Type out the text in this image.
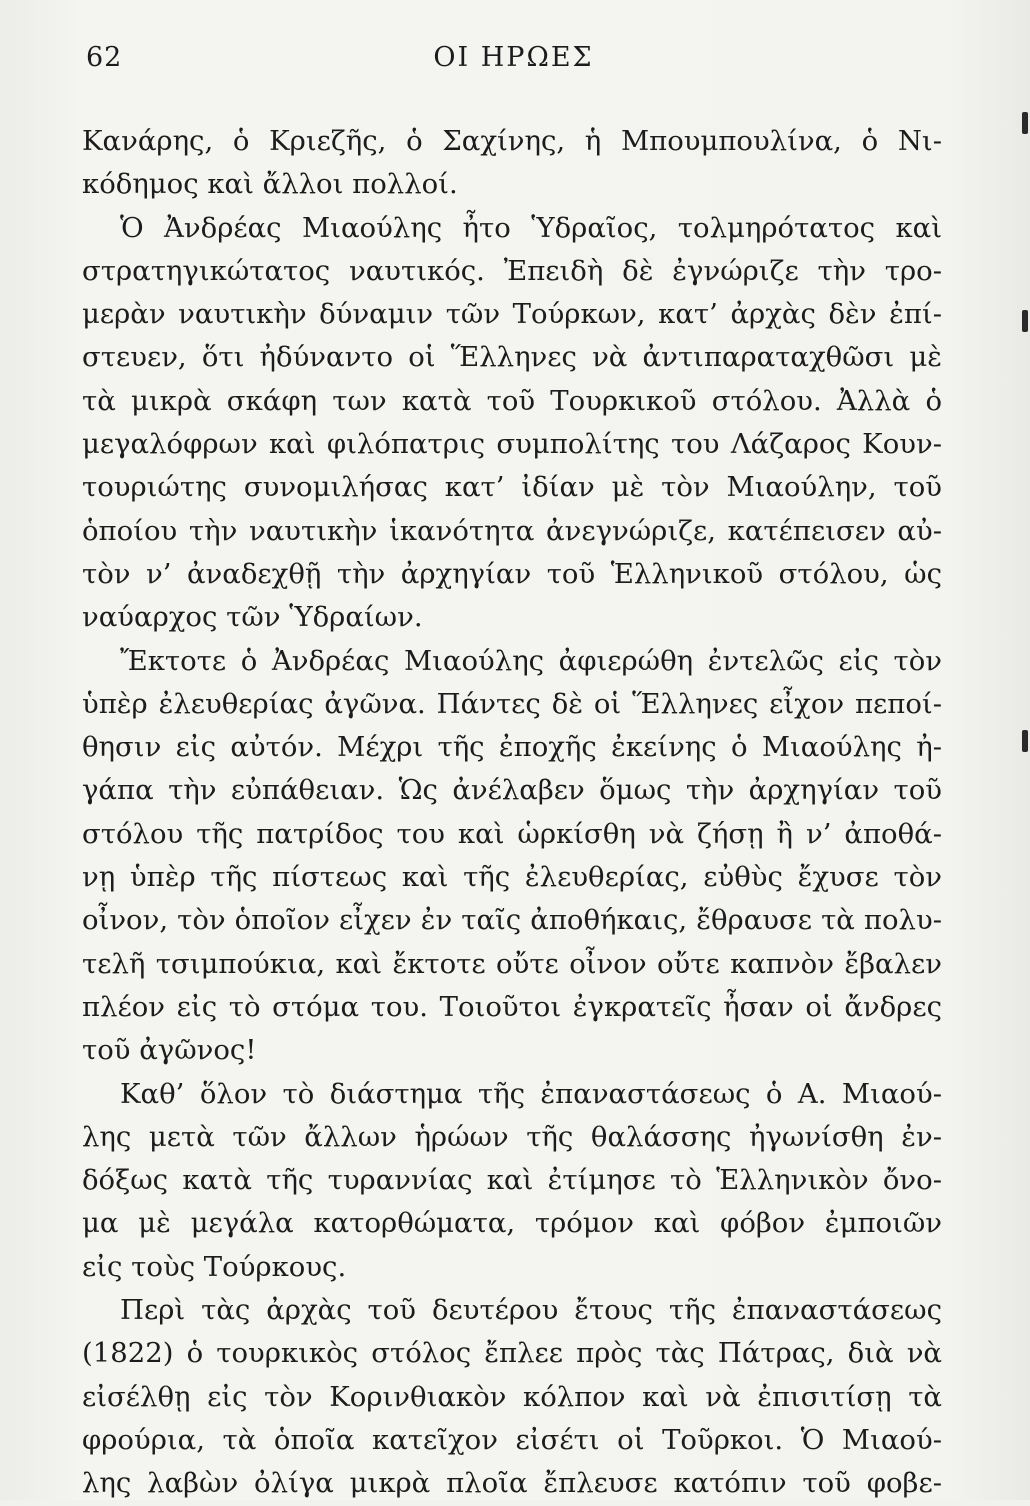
62	ΟΙ ΗΡΩΕΣ
Κανάρης, ὁ Κριεζῆς, ὁ Σαχίνης, ἡ Μπουμπουλίνα, ὁ Νι-
κόδημος καὶ ἄλλοι πολλοί.
Ὁ Ἀνδρέας Μιαούλης ἦτο Ὑδραῖος, τολμηρότατος καὶ
στρατηγικώτατος ναυτικός. Ἐπειδὴ δὲ ἐγνώριζε τὴν τρο-
μερὰν ναυτικὴν δύναμιν τῶν Τούρκων, κατ’ ἀρχὰς δὲν ἐπί-
στευεν, ὅτι ἠδύναντο οἱ Ἕλληνες νὰ ἀντιπαραταχθῶσι μὲ
τὰ μικρὰ σκάφη των κατὰ τοῦ Τουρκικοῦ στόλου. Ἀλλὰ ὁ
μεγαλόφρων καὶ φιλόπατρις συμπολίτης του Λάζαρος Κουν-
τουριώτης συνομιλήσας κατ’ ἰδίαν μὲ τὸν Μιαούλην, τοῦ
ὁποίου τὴν ναυτικὴν ἱκανότητα ἀνεγνώριζε, κατέπεισεν αὐ-
τὸν ν’ ἀναδεχθῇ τὴν ἀρχηγίαν τοῦ Ἑλληνικοῦ στόλου, ὡς
ναύαρχος τῶν Ὑδραίων.
Ἔκτοτε ὁ Ἀνδρέας Μιαούλης ἀφιερώθη ἐντελῶς εἰς τὸν
ὑπὲρ ἐλευθερίας ἀγῶνα. Πάντες δὲ οἱ Ἕλληνες εἶχον πεποί-
θησιν εἰς αὐτόν. Μέχρι τῆς ἐποχῆς ἐκείνης ὁ Μιαούλης ἠ-
γάπα τὴν εὐπάθειαν. Ὡς ἀνέλαβεν ὅμως τὴν ἀρχηγίαν τοῦ
στόλου τῆς πατρίδος του καὶ ὡρκίσθη νὰ ζήσῃ ἢ ν’ ἀποθά-
νῃ ὑπὲρ τῆς πίστεως καὶ τῆς ἐλευθερίας, εὐθὺς ἔχυσε τὸν
οἶνον, τὸν ὁποῖον εἶχεν ἐν ταῖς ἀποθήκαις, ἔθραυσε τὰ πολυ-
τελῆ τσιμπούκια, καὶ ἔκτοτε οὔτε οἶνον οὔτε καπνὸν ἔβαλεν
πλέον εἰς τὸ στόμα του. Τοιοῦτοι ἐγκρατεῖς ἦσαν οἱ ἄνδρες
τοῦ ἀγῶνος!
Καθ’ ὅλον τὸ διάστημα τῆς ἐπαναστάσεως ὁ Α. Μιαού-
λης μετὰ τῶν ἄλλων ἡρώων τῆς θαλάσσης ἠγωνίσθη ἐν-
δόξως κατὰ τῆς τυραννίας καὶ ἐτίμησε τὸ Ἑλληνικὸν ὄνο-
μα μὲ μεγάλα κατορθώματα, τρόμον καὶ φόβον ἐμποιῶν
εἰς τοὺς Τούρκους.
Περὶ τὰς ἀρχὰς τοῦ δευτέρου ἔτους τῆς ἐπαναστάσεως
(1822) ὁ τουρκικὸς στόλος ἔπλεε πρὸς τὰς Πάτρας, διὰ νὰ
εἰσέλθῃ εἰς τὸν Κορινθιακὸν κόλπον καὶ νὰ ἐπισιτίσῃ τὰ
φρούρια, τὰ ὁποῖα κατεῖχον εἰσέτι οἱ Τοῦρκοι. Ὁ Μιαού-
λης λαβὼν ὀλίγα μικρὰ πλοῖα ἔπλευσε κατόπιν τοῦ φοβε-
